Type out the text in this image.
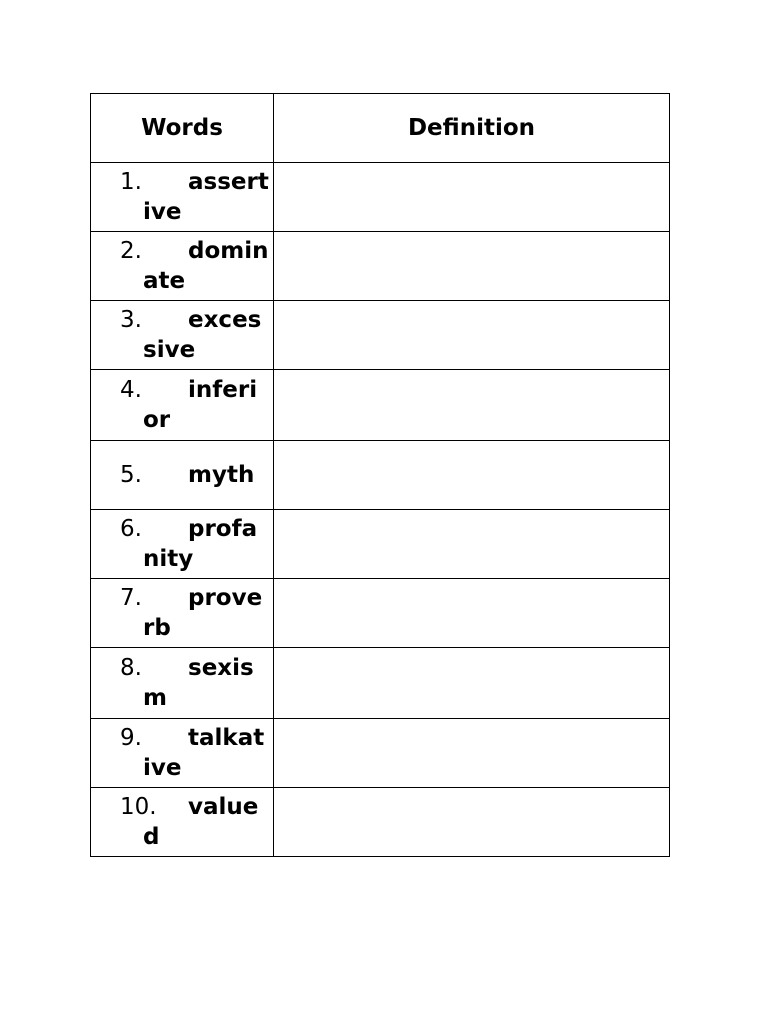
Words	Definition

1. assertive	

2. dominate	

3. excessive	

4. inferior	

5. myth	

6. profanity	

7. proverb	

8. sexism	

9. talkative	

10. valued	
